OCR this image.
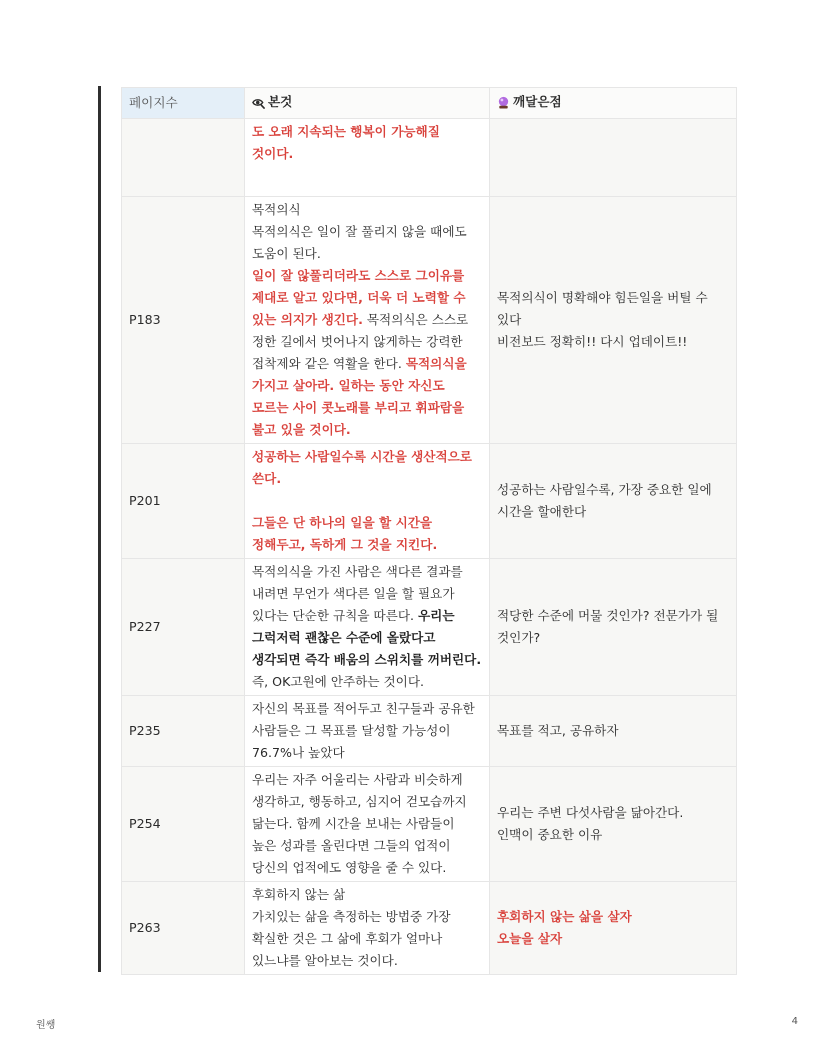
페이지수	본것	깨달은점
	도 오래 지속되는 행복이 가능해질 것이다.	
P183	목적의식
목적의식은 일이 잘 풀리지 않을 때에도 도움이 된다.
일이 잘 않풀리더라도 스스로 그이유를 제대로 알고 있다면, 더욱 더 노력할 수 있는 의지가 생긴다. 목적의식은 스스로 정한 길에서 벗어나지 않게하는 강력한 접착제와 같은 역활을 한다. 목적의식을 가지고 살아라. 일하는 동안 자신도 모르는 사이 콧노래를 부리고 휘파람을 불고 있을 것이다.	목적의식이 명확해야 힘든일을 버틸 수 있다
비전보드 정확히!! 다시 업데이트!!

P201	성공하는 사람일수록 시간을 생산적으로 쓴다.
그들은 단 하나의 일을 할 시간을 정해두고, 독하게 그 것을 지킨다.	성공하는 사람일수록, 가장 중요한 일에 시간을 할애한다
P227	목적의식을 가진 사람은 색다른 결과를 내려면 무언가 색다른 일을 할 필요가 있다는 단순한 규칙을 따른다. 우리는 그럭저럭 괜찮은 수준에 올랐다고 생각되면 즉각 배움의 스위치를 꺼버린다. 즉, OK고원에 안주하는 것이다.	적당한 수준에 머물 것인가? 전문가가 될 것인가?
P235	자신의 목표를 적어두고 친구들과 공유한 사람들은 그 목표를 달성할 가능성이 76.7%나 높았다	목표를 적고, 공유하자
P254	우리는 자주 어울리는 사람과 비슷하게 생각하고, 행동하고, 심지어 걷모습까지 닮는다. 함께 시간을 보내는 사람들이 높은 성과를 올린다면 그들의 업적이 당신의 업적에도 영향을 줄 수 있다.	우리는 주변 다섯사람을 닮아간다.
인맥이 중요한 이유

P263	후회하지 않는 삶
가치있는 삶을 측정하는 방법중 가장 확실한 것은 그 삶에 후회가 얼마나 있느냐를 알아보는 것이다.	후회하지 않는 삶을 살자
오늘을 살자
원쌩	4
